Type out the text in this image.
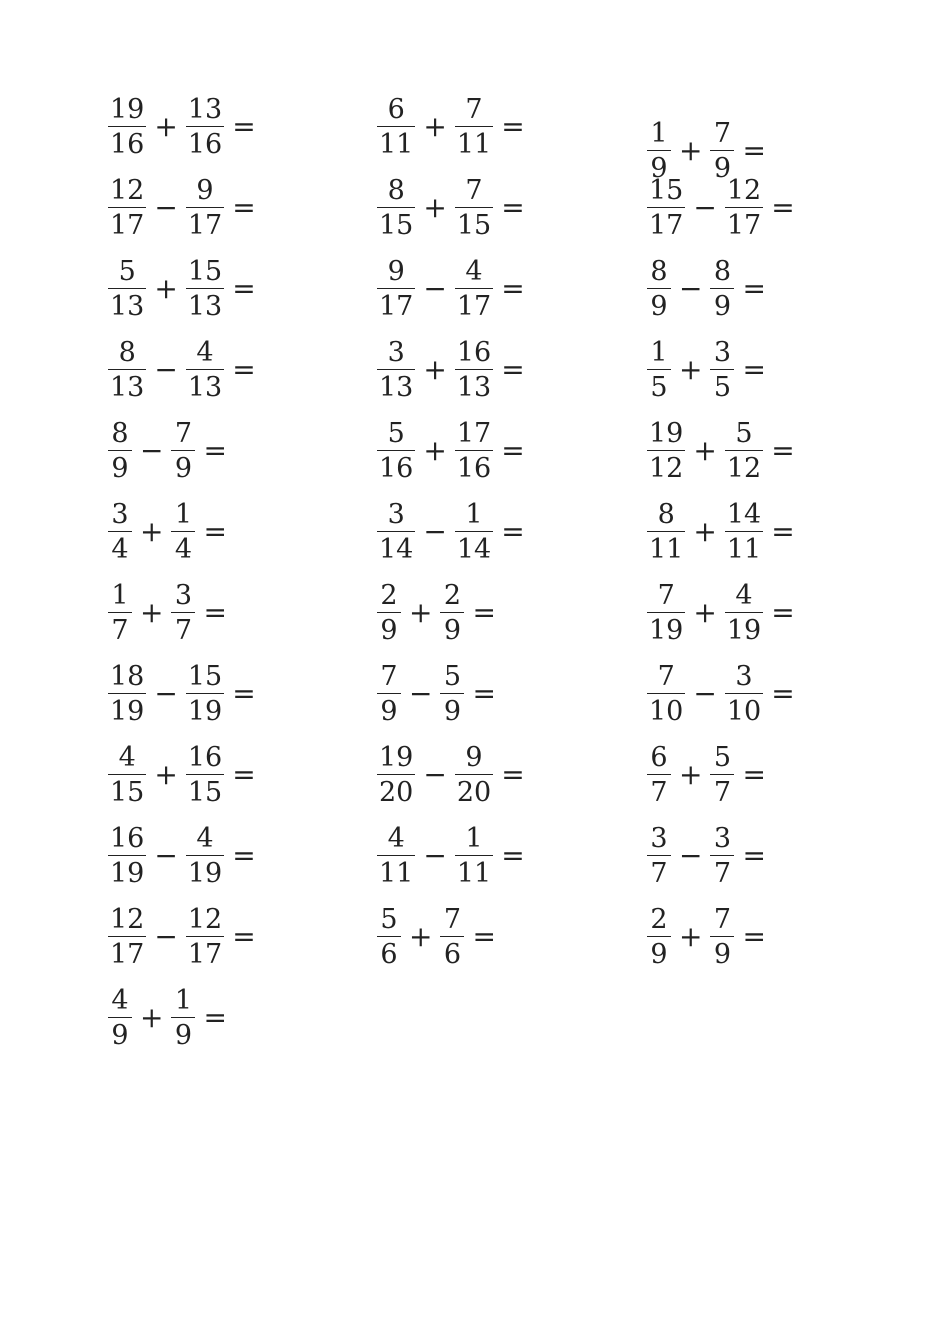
$\frac{19}{16} + \frac{13}{16}$ =
$\frac{12}{17} - \frac{9}{17}$ =
$\frac{5}{13} + \frac{15}{13}$ =
$\frac{8}{13} - \frac{4}{13}$ =
$\frac{8}{9} - \frac{7}{9}$ =
$\frac{3}{4} + \frac{1}{4}$ =
$\frac{1}{7} + \frac{3}{7}$ =
$\frac{18}{19} - \frac{15}{19}$ =
$\frac{4}{15} + \frac{16}{15}$ =
$\frac{16}{19} - \frac{4}{19}$ =
$\frac{12}{17} - \frac{12}{17}$ =
$\frac{4}{9} + \frac{1}{9}$ =
$\frac{6}{11} + \frac{7}{11}$ =
$\frac{8}{15} + \frac{7}{15}$ =
$\frac{9}{17} - \frac{4}{17}$ =
$\frac{3}{13} + \frac{16}{13}$ =
$\frac{5}{16} + \frac{17}{16}$ =
$\frac{3}{14} - \frac{1}{14}$ =
$\frac{2}{9} + \frac{2}{9}$ =
$\frac{7}{9} - \frac{5}{9}$ =
$\frac{19}{20} - \frac{9}{20}$ =
$\frac{4}{11} - \frac{1}{11}$ =
$\frac{5}{6} + \frac{7}{6}$ =
$\frac{1}{9} + \frac{7}{9}$ =
$\frac{15}{17} - \frac{12}{17}$ =
$\frac{8}{9} - \frac{8}{9}$ =
$\frac{1}{5} + \frac{3}{5}$ =
$\frac{19}{12} + \frac{5}{12}$ =
$\frac{8}{11} + \frac{14}{11}$ =
$\frac{7}{19} + \frac{4}{19}$ =
$\frac{7}{10} - \frac{3}{10}$ =
$\frac{6}{7} + \frac{5}{7}$ =
$\frac{3}{7} - \frac{3}{7}$ =
$\frac{2}{9} + \frac{7}{9}$ =
